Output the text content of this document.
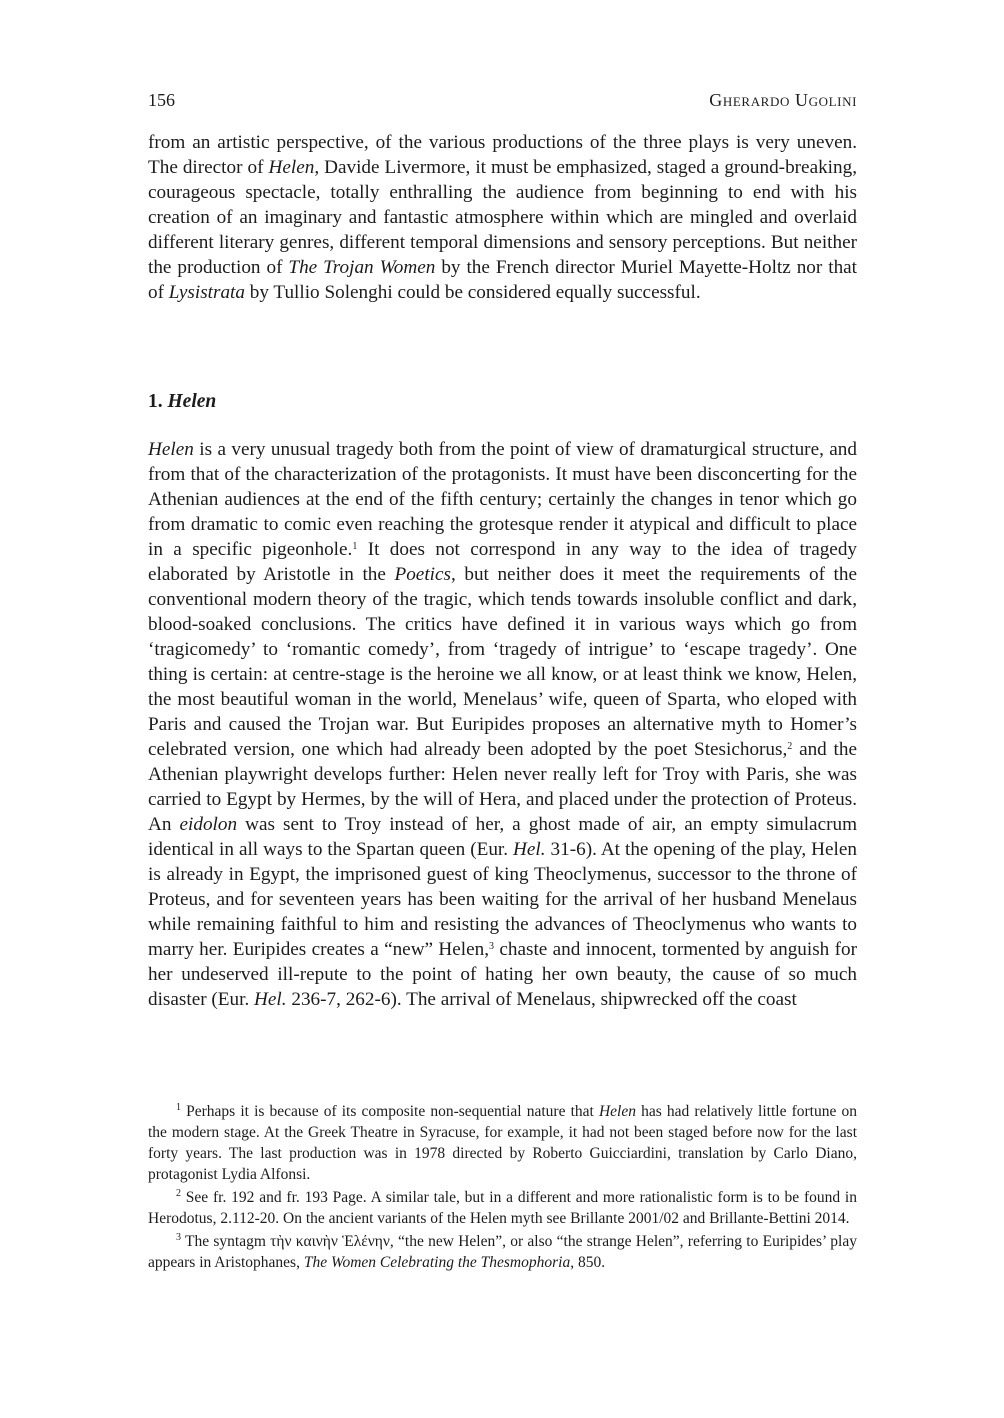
156	Gherardo Ugolini

from an artistic perspective, of the various productions of the three plays is very uneven. The director of Helen, Davide Livermore, it must be emphasized, staged a ground-breaking, courageous spectacle, totally enthralling the audience from beginning to end with his creation of an imaginary and fantastic atmosphere within which are mingled and overlaid different literary genres, different temporal dimensions and sensory perceptions. But neither the production of The Trojan Women by the French director Muriel Mayette-Holtz nor that of Lysistrata by Tullio Solenghi could be considered equally successful.

1. Helen

Helen is a very unusual tragedy both from the point of view of dramaturgical structure, and from that of the characterization of the protagonists. It must have been disconcerting for the Athenian audiences at the end of the fifth century; certainly the changes in tenor which go from dramatic to comic even reaching the grotesque render it atypical and difficult to place in a specific pigeonhole.$^1$ It does not correspond in any way to the idea of tragedy elaborated by Aristotle in the Poetics, but neither does it meet the requirements of the conventional modern theory of the tragic, which tends towards insoluble conflict and dark, blood-soaked conclusions. The critics have defined it in various ways which go from ‘tragicomedy’ to ‘romantic comedy’, from ‘tragedy of intrigue’ to ‘escape tragedy’. One thing is certain: at centre-stage is the heroine we all know, or at least think we know, Helen, the most beautiful woman in the world, Menelaus’ wife, queen of Sparta, who eloped with Paris and caused the Trojan war. But Euripides proposes an alternative myth to Homer’s celebrated version, one which had already been adopted by the poet Stesichorus,$^2$ and the Athenian playwright develops further: Helen never really left for Troy with Paris, she was carried to Egypt by Hermes, by the will of Hera, and placed under the protection of Proteus. An eidolon was sent to Troy instead of her, a ghost made of air, an empty simulacrum identical in all ways to the Spartan queen (Eur. Hel. 31-6). At the opening of the play, Helen is already in Egypt, the imprisoned guest of king Theoclymenus, successor to the throne of Proteus, and for seventeen years has been waiting for the arrival of her husband Menelaus while remaining faithful to him and resisting the advances of Theoclymenus who wants to marry her. Euripides creates a “new” Helen,$^3$ chaste and innocent, tormented by anguish for her undeserved ill-repute to the point of hating her own beauty, the cause of so much disaster (Eur. Hel. 236-7, 262-6). The arrival of Menelaus, shipwrecked off the coast

$^1$ Perhaps it is because of its composite non-sequential nature that Helen has had relatively little fortune on the modern stage. At the Greek Theatre in Syracuse, for example, it had not been staged before now for the last forty years. The last production was in 1978 directed by Roberto Guicciardini, translation by Carlo Diano, protagonist Lydia Alfonsi.

$^2$ See fr. 192 and fr. 193 Page. A similar tale, but in a different and more rationalistic form is to be found in Herodotus, 2.112-20. On the ancient variants of the Helen myth see Brillante 2001/02 and Brillante-Bettini 2014.

$^3$ The syntagm τὴν καινὴν Ἑλένην, “the new Helen”, or also “the strange Helen”, referring to Euripides’ play appears in Aristophanes, The Women Celebrating the Thesmophoria, 850.
